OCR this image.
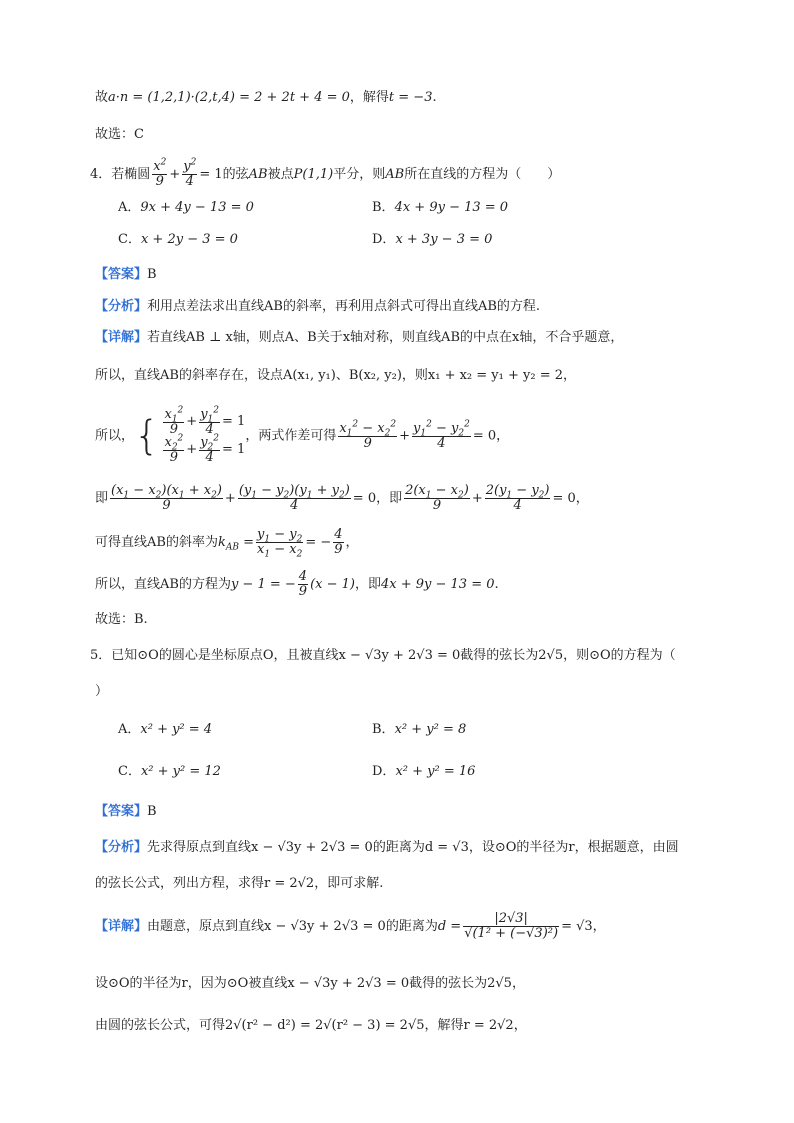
故a·n = (1,2,1)·(2,t,4) = 2 + 2t + 4 = 0，解得t = −3.
故选：C
4．若椭圆 $\frac{x^2}{9} + \frac{y^2}{4} = 1$的弦AB被点P(1,1)平分，则AB所在直线的方程为（　　）
A．9x + 4y − 13 = 0	B．4x + 9y − 13 = 0
C．x + 2y − 3 = 0	D．x + 3y − 3 = 0
【答案】B
【分析】利用点差法求出直线AB的斜率，再利用点斜式可得出直线AB的方程.
【详解】若直线AB ⊥ x轴，则点A、B关于x轴对称，则直线AB的中点在x轴，不合乎题意，
所以，直线AB的斜率存在，设点A(x₁, y₁)、B(x₂, y₂)，则x₁ + x₂ = y₁ + y₂ = 2，
所以，{ $\frac{x_1^2}{9} + \frac{y_1^2}{4} = 1$
$\frac{x_2^2}{9} + \frac{y_2^2}{4} = 1$
，两式作差可得 $\frac{x_1^2 - x_2^2}{9} + \frac{y_1^2 - y_2^2}{4} = 0$，
即 $\frac{(x_1 - x_2)(x_1 + x_2)}{9} + \frac{(y_1 - y_2)(y_1 + y_2)}{4} = 0$，即 $\frac{2(x_1 - x_2)}{9} + \frac{2(y_1 - y_2)}{4} = 0$，
可得直线AB的斜率为$k_{AB} = \frac{y_1 - y_2}{x_1 - x_2}$ = − $\frac{4}{9}$ ，
所以，直线AB的方程为y − 1 = − $\frac{4}{9} (x - 1)$，即4x + 9y − 13 = 0.
故选：B.
5．已知⊙O的圆心是坐标原点O，且被直线x − √3y + 2√3 = 0截得的弦长为2√5，则⊙O的方程为（
）
A．x² + y² = 4	B．x² + y² = 8
C．x² + y² = 12	D．x² + y² = 16
【答案】B
【分析】先求得原点到直线x − √3y + 2√3 = 0的距离为d = √3，设⊙O的半径为r，根据题意，由圆
的弦长公式，列出方程，求得r = 2√2，即可求解.
【详解】由题意，原点到直线x − √3y + 2√3 = 0的距离为$d = \frac{|2√3|}{\text{√(1² + (−√3)²)}} = √3$，
设⊙O的半径为r，因为⊙O被直线x − √3y + 2√3 = 0截得的弦长为2√5，
由圆的弦长公式，可得2√(r² − d²) = 2√(r² − 3) = 2√5，解得r = 2√2，
